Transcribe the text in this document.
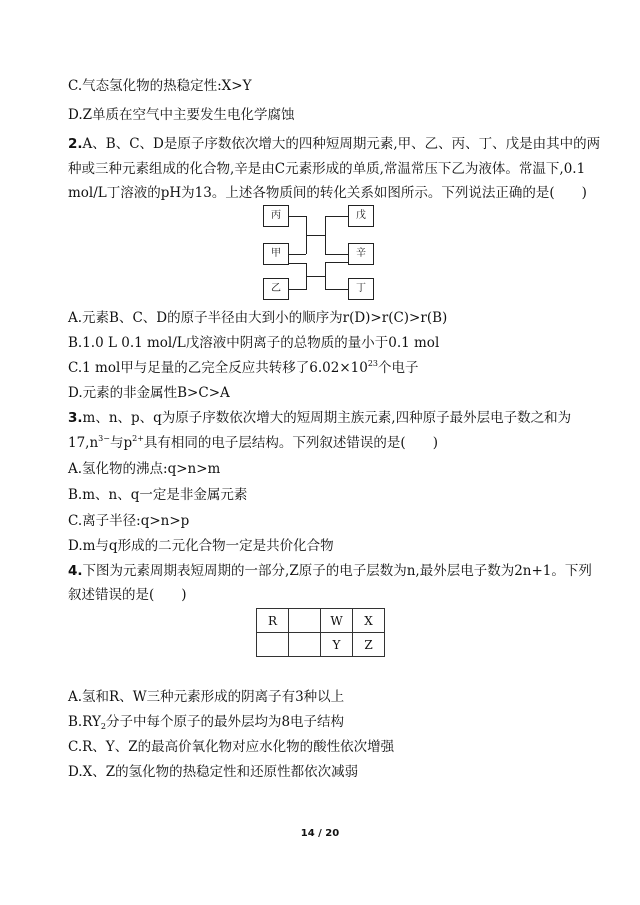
C.气态氢化物的热稳定性:X>Y
D.Z单质在空气中主要发生电化学腐蚀
2.A、B、C、D是原子序数依次增大的四种短周期元素,甲、乙、丙、丁、戊是由其中的两
种或三种元素组成的化合物,辛是由C元素形成的单质,常温常压下乙为液体。常温下,0.1
mol/L丁溶液的pH为13。上述各物质间的转化关系如图所示。下列说法正确的是(　　)
丙
甲
乙
戊
辛
丁
A.元素B、C、D的原子半径由大到小的顺序为r(D)>r(C)>r(B)
B.1.0 L 0.1 mol/L戊溶液中阴离子的总物质的量小于0.1 mol
C.1 mol甲与足量的乙完全反应共转移了$6.02\times 10^{23}$个电子
D.元素的非金属性B>C>A
3.m、n、p、q为原子序数依次增大的短周期主族元素,四种原子最外层电子数之和为
$17,n^{3-}$与$p^{2+}$具有相同的电子层结构。下列叙述错误的是(　　)
A.氢化物的沸点:q>n>m
B.m、n、q一定是非金属元素
C.离子半径:q>n>p
D.m与q形成的二元化合物一定是共价化合物
4.下图为元素周期表短周期的一部分,Z原子的电子层数为n,最外层电子数为2n+1。下列
叙述错误的是(　　)
R		W	X
		Y	Z
A.氢和R、W三种元素形成的阴离子有3种以上
$B.RY_2$分子中每个原子的最外层均为8电子结构
C.R、Y、Z的最高价氧化物对应水化物的酸性依次增强
D.X、Z的氢化物的热稳定性和还原性都依次减弱
14 / 20
